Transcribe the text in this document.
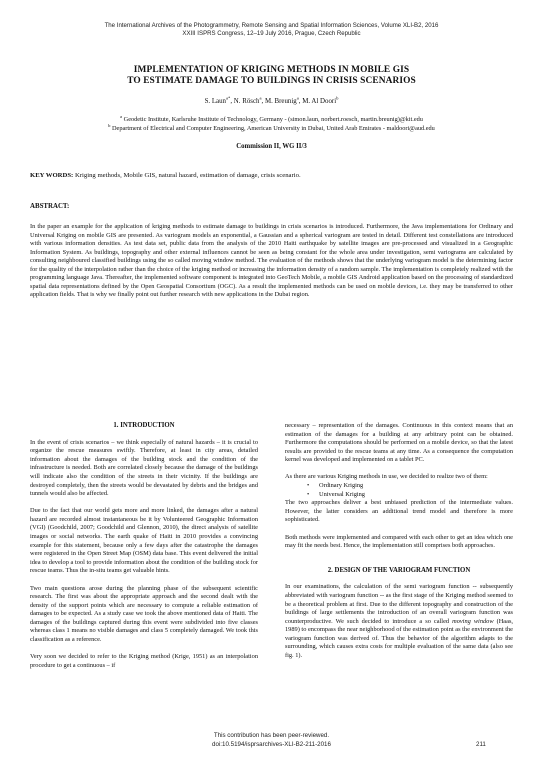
The International Archives of the Photogrammetry, Remote Sensing and Spatial Information Sciences, Volume XLI-B2, 2016
XXIII ISPRS Congress, 12–19 July 2016, Prague, Czech Republic
IMPLEMENTATION OF KRIGING METHODS IN MOBILE GIS
TO ESTIMATE DAMAGE TO BUILDINGS IN CRISIS SCENARIOS
S. Laun$^{a*}$, N. Rösch$^a$, M. Breunig$^a$, M. Al Doori$^b$
$^a$ Geodetic Institute, Karlsruhe Institute of Technology, Germany - (simon.laun, norbert.roesch, martin.breunig)@kit.edu
$^b$ Department of Electrical and Computer Engineering, American University in Dubai, United Arab Emirates - maldoori@aud.edu
Commission II, WG II/3
KEY WORDS: Kriging methods, Mobile GIS, natural hazard, estimation of damage, crisis scenario.
ABSTRACT:

In the paper an example for the application of kriging methods to estimate damage to buildings in crisis scenarios is introduced. Furthermore, the Java implementations for Ordinary and Universal Kriging on mobile GIS are presented. As variogram models an exponential, a Gaussian and a spherical variogram are tested in detail. Different test constellations are introduced with various information densities. As test data set, public data from the analysis of the 2010 Haiti earthquake by satellite images are pre-processed and visualized in a Geographic Information System. As buildings, topography and other external influences cannot be seen as being constant for the whole area under investigation, semi variograms are calculated by consulting neighboured classified buildings using the so called moving window method. The evaluation of the methods shows that the underlying variogram model is the determining factor for the quality of the interpolation rather than the choice of the kriging method or increasing the information density of a random sample. The implementation is completely realized with the programming language Java. Thereafter, the implemented software component is integrated into GeoTech Mobile, a mobile GIS Android application based on the processing of standardized spatial data representations defined by the Open Geospatial Consortium (OGC). As a result the implemented methods can be used on mobile devices, i.e. they may be transferred to other application fields. That is why we finally point out further research with new applications in the Dubai region.

1. INTRODUCTION

In the event of crisis scenarios – we think especially of natural hazards – it is crucial to organize the rescue measures swiftly. Therefore, at least in city areas, detailed information about the damages of the building stock and the condition of the infrastructure is needed. Both are correlated closely because the damage of the buildings will indicate also the condition of the streets in their vicinity. If the buildings are destroyed completely, then the streets would be devastated by debris and the bridges and tunnels would also be affected.

Due to the fact that our world gets more and more linked, the damages after a natural hazard are recorded almost instantaneous be it by Volunteered Geographic Information (VGI) (Goodchild, 2007; Goodchild and Glennon, 2010), the direct analysis of satellite images or social networks. The earth quake of Haiti in 2010 provides a convincing example for this statement, because only a few days after the catastrophe the damages were registered in the Open Street Map (OSM) data base. This event delivered the initial idea to develop a tool to provide information about the condition of the building stock for rescue teams. Thus the in-situ teams get valuable hints.

Two main questions arose during the planning phase of the subsequent scientific research. The first was about the appropriate approach and the second dealt with the density of the support points which are necessary to compute a reliable estimation of damages to be expected. As a study case we took the above mentioned data of Haiti. The damages of the buildings captured during this event were subdivided into five classes whereas class 1 means no visible damages and class 5 completely damaged. We took this classification as a reference.

Very soon we decided to refer to the Kriging method (Krige, 1951) as an interpolation procedure to get a continuous – if

necessary – representation of the damages. Continuous in this context means that an estimation of the damages for a building at any arbitrary point can be obtained. Furthermore the computations should be performed on a mobile device, so that the latest results are provided to the rescue teams at any time. As a consequence the computation kernel was developed and implemented on a tablet PC.

As there are various Kriging methods in use, we decided to realize two of them:

• Ordinary Kriging
• Universal Kriging

The two approaches deliver a best unbiased prediction of the intermediate values. However, the latter considers an additional trend model and therefore is more sophisticated.

Both methods were implemented and compared with each other to get an idea which one may fit the needs best. Hence, the implementation still comprises both approaches.

2. DESIGN OF THE VARIOGRAM FUNCTION

In our examinations, the calculation of the semi variogram function -- subsequently abbreviated with variogram function -- as the first stage of the Kriging method seemed to be a theoretical problem at first. Due to the different topography and construction of the buildings of large settlements the introduction of an overall variogram function was counterproductive. We such decided to introduce a so called moving window (Haas, 1989) to encompass the near neighborhood of the estimation point as the environment the variogram function was derived of. Thus the behavior of the algorithm adapts to the surrounding, which causes extra costs for multiple evaluation of the same data (also see fig. 1).

This contribution has been peer-reviewed.
doi:10.5194/isprsarchives-XLI-B2-211-2016	211
